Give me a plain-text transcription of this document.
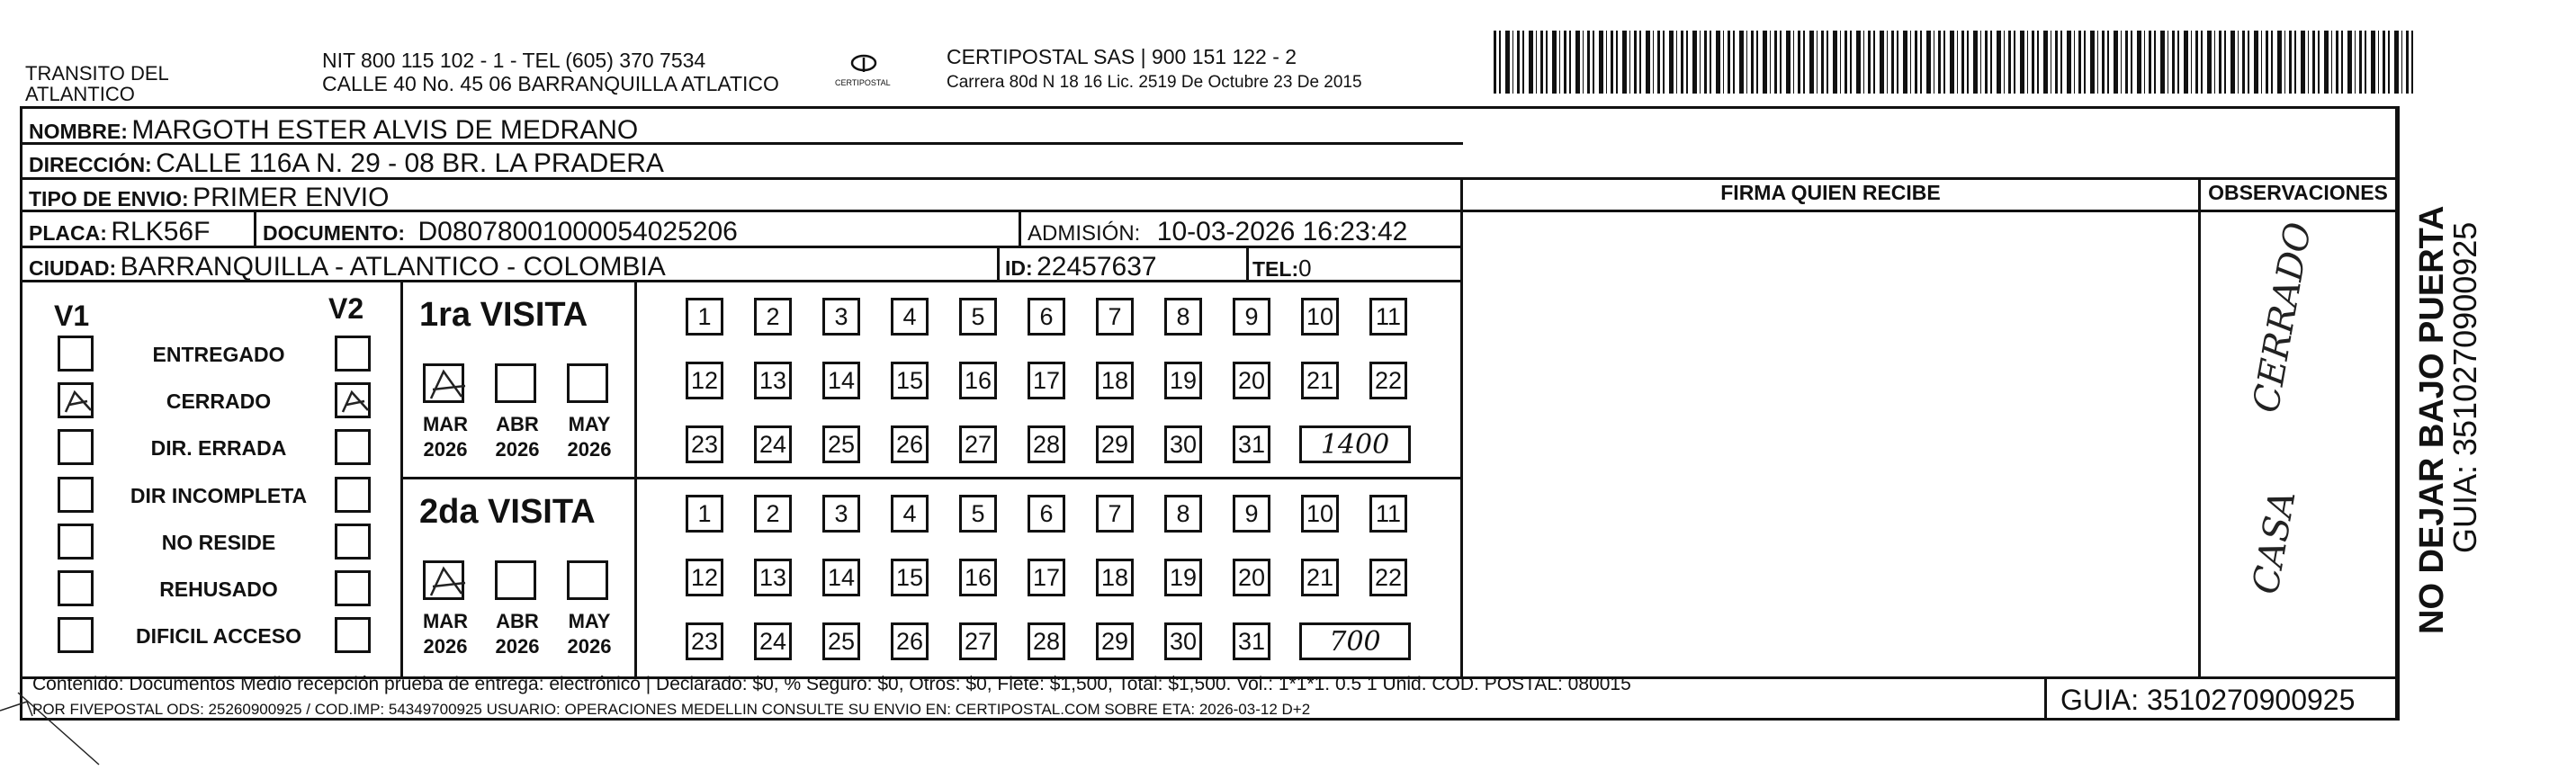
TRANSITO DEL ATLANTICO
NIT 800 115 102 - 1 - TEL (605) 370 7534
CALLE 40 No. 45 06 BARRANQUILLA ATLATICO	CERTIPOSTAL
CERTIPOSTAL SAS | 900 151 122 - 2
Carrera 80d N 18 16 Lic. 2519 De Octubre 23 De 2015
NOMBRE: MARGOTH ESTER ALVIS DE MEDRANO
DIRECCIÓN: CALLE 116A N. 29 - 08 BR. LA PRADERA
TIPO DE ENVIO: PRIMER ENVIO
PLACA: RLK56F	DOCUMENTO: D08078001000054025206	ADMISIÓN: 10-03-2026 16:23:42
CIUDAD: BARRANQUILLA - ATLANTICO - COLOMBIA	ID: 22457637	TEL:0
FIRMA QUIEN RECIBE	OBSERVACIONES
CERRADO
CASA
V1	V2
ENTREGADO
CERRADO
DIR. ERRADA
DIR INCOMPLETA
NO RESIDE
REHUSADO
DIFICIL ACCESO
1ra VISITA
MAR
2026
ABR
2026
MAY
2026
1	2	3	4	5	6	7	8	9	10 11
12 13 14 15 16 17 18 19 20 21 22
23 24 25 26 27 28 29 30 31	1400
2da VISITA
MAR
2026
ABR
2026
MAY
2026
1	2	3	4	5	6	7	8	9	10 11
12 13 14 15 16 17 18 19 20 21 22
23 24 25 26 27 28 29 30 31	700
Contenido: Documentos Medio recepción prueba de entrega: electrónico | Declarado: $0, % Seguro: $0, Otros: $0, Flete: $1,500, Total: $1,500. Vol.: 1*1*1. 0.5 1 Unid. COD. POSTAL: 080015
POR FIVEPOSTAL ODS: 25260900925 / COD.IMP: 54349700925 USUARIO: OPERACIONES MEDELLIN CONSULTE SU ENVIO EN: CERTIPOSTAL.COM SOBRE ETA: 2026-03-12 D+2	GUIA: 3510270900925
NO DEJAR BAJO PUERTA
GUIA: 3510270900925
